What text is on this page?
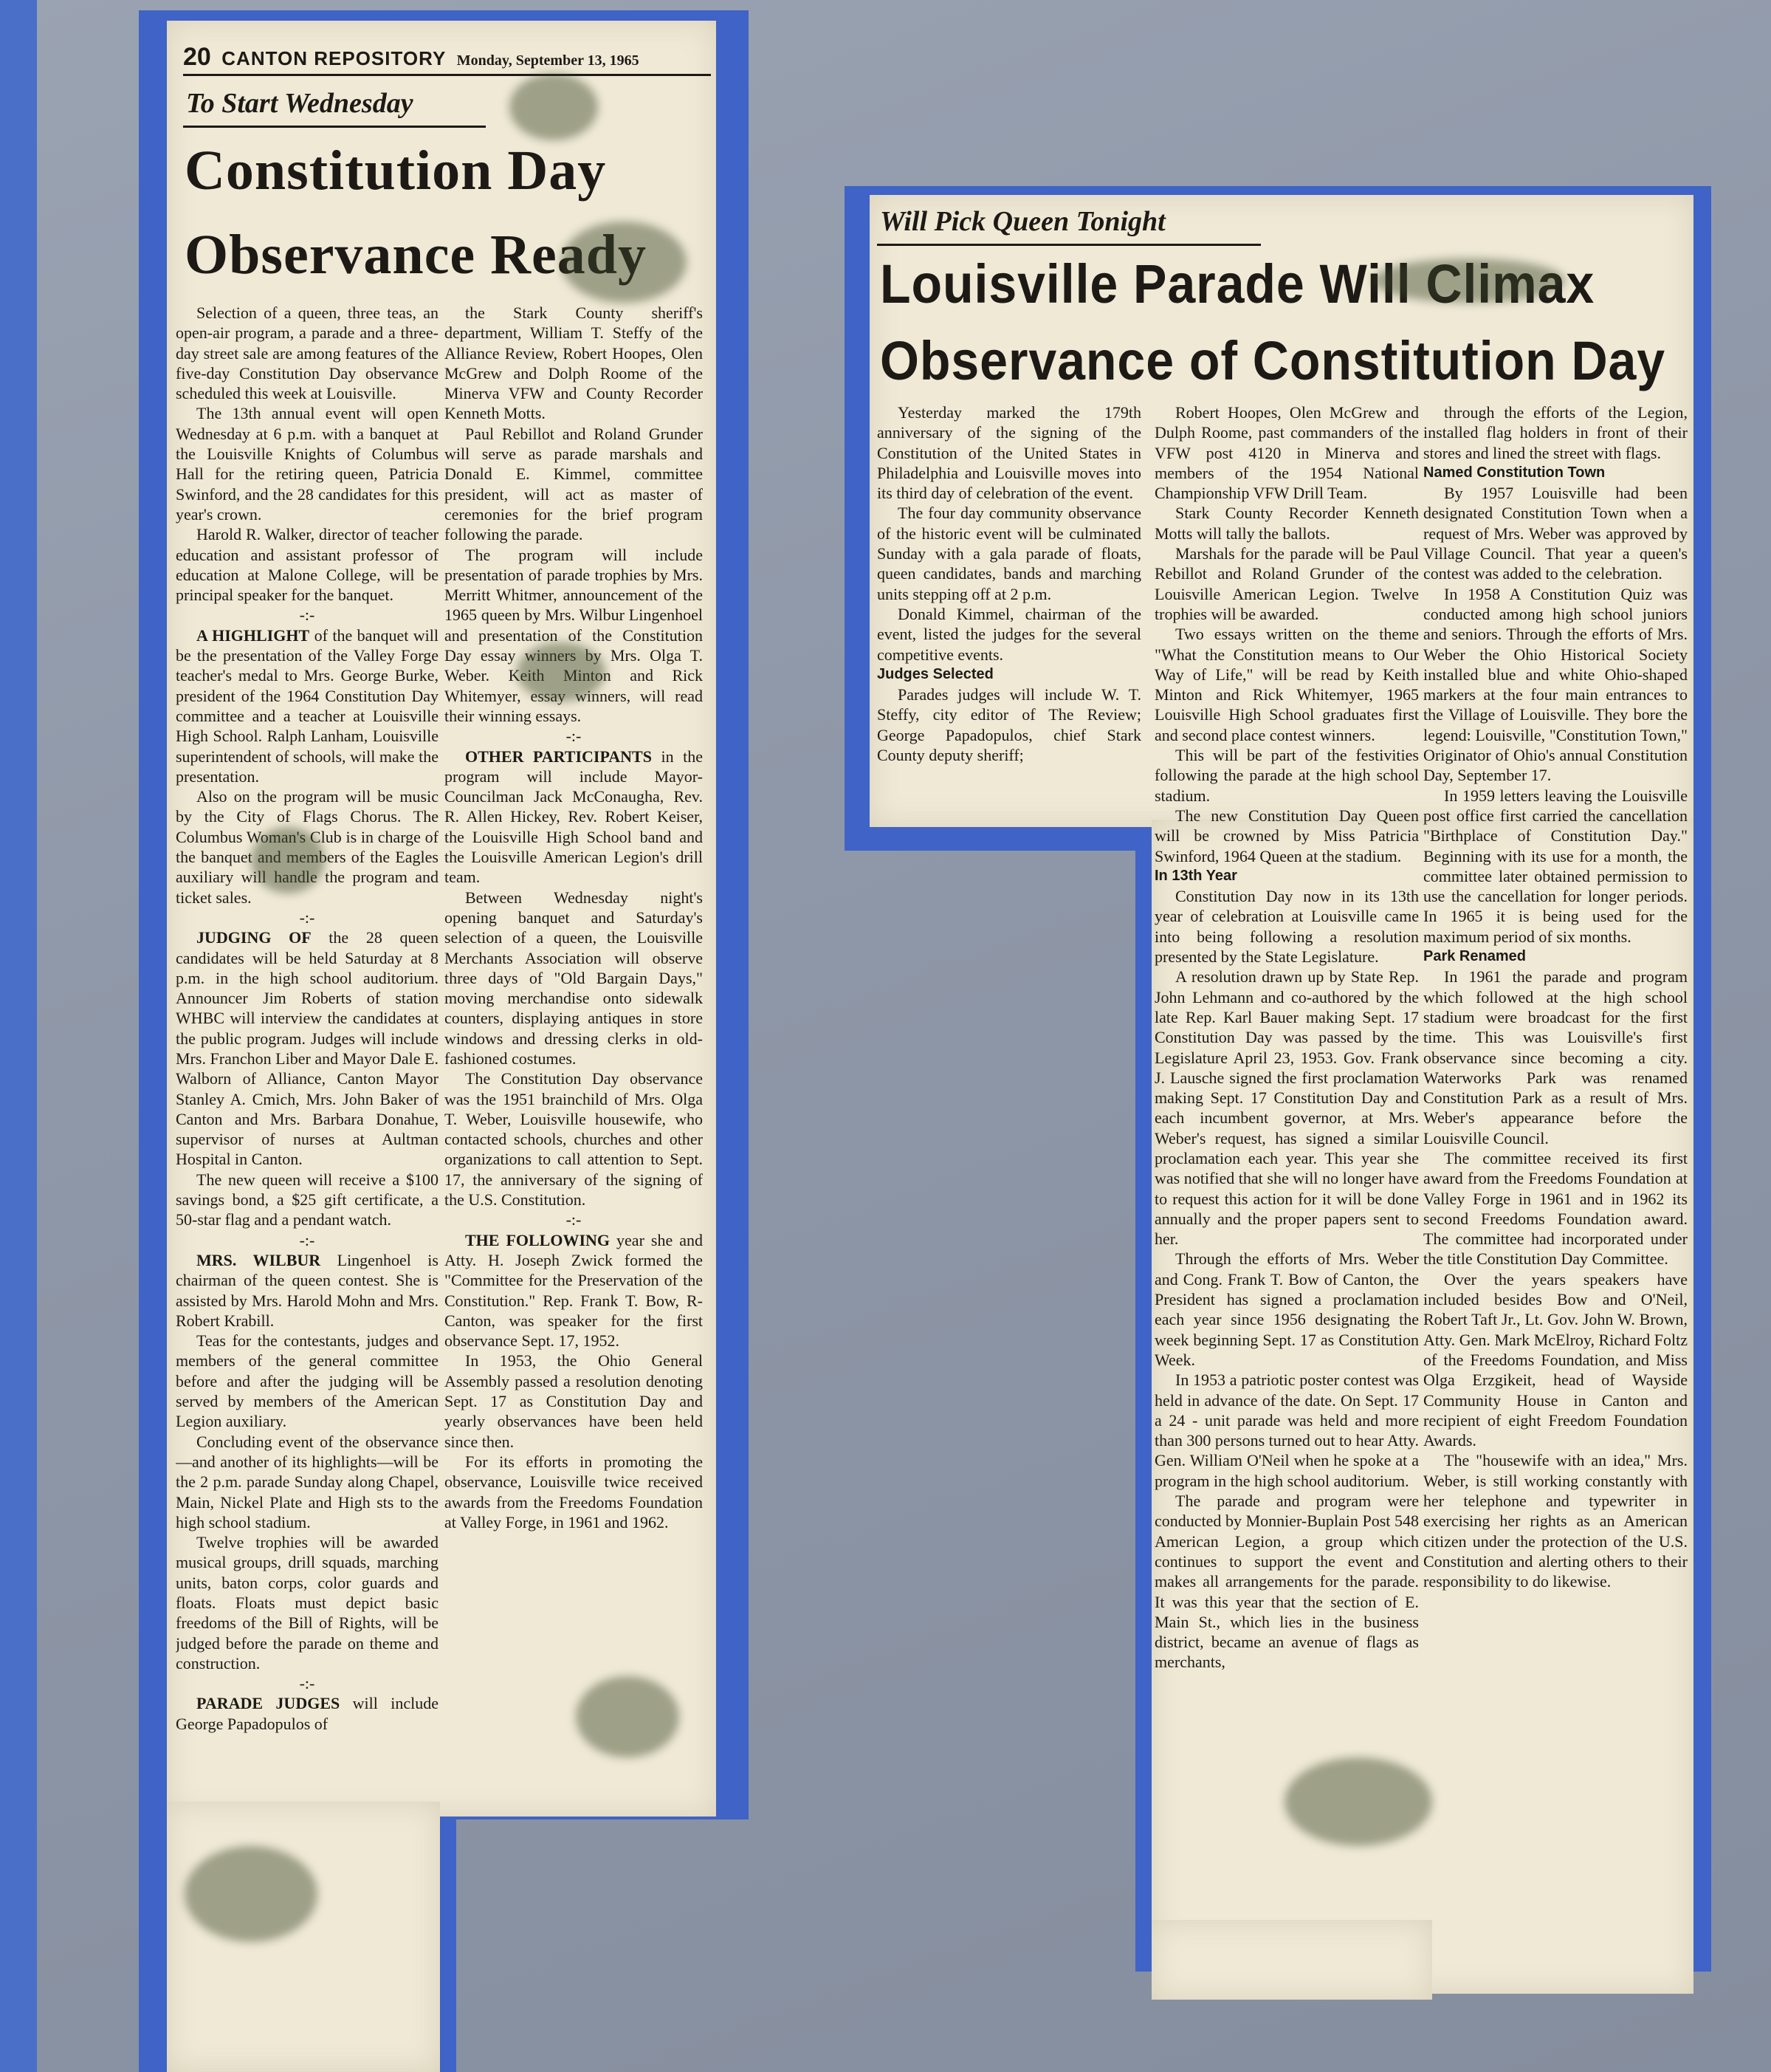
20 CANTON REPOSITORY Monday, September 13, 1965
To Start Wednesday
Constitution Day
Observance Ready

Selection of a queen, three teas, an open-air program, a parade and a three-day street sale are among features of the five-day Constitution Day observance scheduled this week at Louisville.

The 13th annual event will open Wednesday at 6 p.m. with a banquet at the Louisville Knights of Columbus Hall for the retiring queen, Patricia Swinford, and the 28 candidates for this year's crown.

Harold R. Walker, director of teacher education and assistant professor of education at Malone College, will be principal speaker for the banquet.

-:-

A HIGHLIGHT of the banquet will be the presentation of the Valley Forge teacher's medal to Mrs. George Burke, president of the 1964 Constitution Day committee and a teacher at Louisville High School. Ralph Lanham, Louisville superintendent of schools, will make the presentation.

Also on the program will be music by the City of Flags Chorus. The Columbus Woman's Club is in charge of the banquet and members of the Eagles auxiliary will handle the program and ticket sales.

-:-

JUDGING OF the 28 queen candidates will be held Saturday at 8 p.m. in the high school auditorium. Announcer Jim Roberts of station WHBC will interview the candidates at the public program. Judges will include Mrs. Franchon Liber and Mayor Dale E. Walborn of Alliance, Canton Mayor Stanley A. Cmich, Mrs. John Baker of Canton and Mrs. Barbara Donahue, supervisor of nurses at Aultman Hospital in Canton.

The new queen will receive a $100 savings bond, a $25 gift certificate, a 50-star flag and a pendant watch.

-:-

MRS. WILBUR Lingenhoel is chairman of the queen contest. She is assisted by Mrs. Harold Mohn and Mrs. Robert Krabill.

Teas for the contestants, judges and members of the general committee before and after the judging will be served by members of the American Legion auxiliary.

Concluding event of the observance—and another of its highlights—will be the 2 p.m. parade Sunday along Chapel, Main, Nickel Plate and High sts to the high school stadium.

Twelve trophies will be awarded musical groups, drill squads, marching units, baton corps, color guards and floats. Floats must depict basic freedoms of the Bill of Rights, will be judged before the parade on theme and construction.

-:-

PARADE JUDGES will include George Papadopulos of

the Stark County sheriff's department, William T. Steffy of the Alliance Review, Robert Hoopes, Olen McGrew and Dolph Roome of the Minerva VFW and County Recorder Kenneth Motts.

Paul Rebillot and Roland Grunder will serve as parade marshals and Donald E. Kimmel, committee president, will act as master of ceremonies for the brief program following the parade.

The program will include presentation of parade trophies by Mrs. Merritt Whitmer, announcement of the 1965 queen by Mrs. Wilbur Lingenhoel and presentation of the Constitution Day essay winners by Mrs. Olga T. Weber. Keith Minton and Rick Whitemyer, essay winners, will read their winning essays.

-:-

OTHER PARTICIPANTS in the program will include Mayor-Councilman Jack McConaugha, Rev. R. Allen Hickey, Rev. Robert Keiser, the Louisville High School band and the Louisville American Legion's drill team.

Between Wednesday night's opening banquet and Saturday's selection of a queen, the Louisville Merchants Association will observe three days of "Old Bargain Days," moving merchandise onto sidewalk counters, displaying antiques in store windows and dressing clerks in old-fashioned costumes.

The Constitution Day observance was the 1951 brainchild of Mrs. Olga T. Weber, Louisville housewife, who contacted schools, churches and other organizations to call attention to Sept. 17, the anniversary of the signing of the U.S. Constitution.

-:-

THE FOLLOWING year she and Atty. H. Joseph Zwick formed the "Committee for the Preservation of the Constitution." Rep. Frank T. Bow, R-Canton, was speaker for the first observance Sept. 17, 1952.

In 1953, the Ohio General Assembly passed a resolution denoting Sept. 17 as Constitution Day and yearly observances have been held since then.

For its efforts in promoting the observance, Louisville twice received awards from the Freedoms Foundation at Valley Forge, in 1961 and 1962.

Will Pick Queen Tonight
Louisville Parade Will Climax
Observance of Constitution Day

Yesterday marked the 179th anniversary of the signing of the Constitution of the United States in Philadelphia and Louisville moves into its third day of celebration of the event.

The four day community observance of the historic event will be culminated Sunday with a gala parade of floats, queen candidates, bands and marching units stepping off at 2 p.m.

Donald Kimmel, chairman of the event, listed the judges for the several competitive events.

Judges Selected

Parades judges will include W. T. Steffy, city editor of The Review; George Papadopulos, chief Stark County deputy sheriff;

Robert Hoopes, Olen McGrew and Dulph Roome, past commanders of the VFW post 4120 in Minerva and members of the 1954 National Championship VFW Drill Team.

Stark County Recorder Kenneth Motts will tally the ballots.

Marshals for the parade will be Paul Rebillot and Roland Grunder of the Louisville American Legion. Twelve trophies will be awarded.

Two essays written on the theme "What the Constitution means to Our Way of Life," will be read by Keith Minton and Rick Whitemyer, 1965 Louisville High School graduates first and second place contest winners.

This will be part of the festivities following the parade at the high school stadium.

The new Constitution Day Queen will be crowned by Miss Patricia Swinford, 1964 Queen at the stadium.

In 13th Year

Constitution Day now in its 13th year of celebration at Louisville came into being following a resolution presented by the State Legislature.

A resolution drawn up by State Rep. John Lehmann and co-authored by the late Rep. Karl Bauer making Sept. 17 Constitution Day was passed by the Legislature April 23, 1953. Gov. Frank J. Lausche signed the first proclamation making Sept. 17 Constitution Day and each incumbent governor, at Mrs. Weber's request, has signed a similar proclamation each year. This year she was notified that she will no longer have to request this action for it will be done annually and the proper papers sent to her.

Through the efforts of Mrs. Weber and Cong. Frank T. Bow of Canton, the President has signed a proclamation each year since 1956 designating the week beginning Sept. 17 as Constitution Week.

In 1953 a patriotic poster contest was held in advance of the date. On Sept. 17 a 24 - unit parade was held and more than 300 persons turned out to hear Atty. Gen. William O'Neil when he spoke at a program in the high school auditorium.

The parade and program were conducted by Monnier-Buplain Post 548 American Legion, a group which continues to support the event and makes all arrangements for the parade. It was this year that the section of E. Main St., which lies in the business district, became an avenue of flags as merchants,

through the efforts of the Legion, installed flag holders in front of their stores and lined the street with flags.

Named Constitution Town

By 1957 Louisville had been designated Constitution Town when a request of Mrs. Weber was approved by Village Council. That year a queen's contest was added to the celebration.

In 1958 A Constitution Quiz was conducted among high school juniors and seniors. Through the efforts of Mrs. Weber the Ohio Historical Society installed blue and white Ohio-shaped markers at the four main entrances to the Village of Louisville. They bore the legend: Louisville, "Constitution Town," Originator of Ohio's annual Constitution Day, September 17.

In 1959 letters leaving the Louisville post office first carried the cancellation "Birthplace of Constitution Day." Beginning with its use for a month, the committee later obtained permission to use the cancellation for longer periods. In 1965 it is being used for the maximum period of six months.

Park Renamed

In 1961 the parade and program which followed at the high school stadium were broadcast for the first time. This was Louisville's first observance since becoming a city. Waterworks Park was renamed Constitution Park as a result of Mrs. Weber's appearance before the Louisville Council.

The committee received its first award from the Freedoms Foundation at Valley Forge in 1961 and in 1962 its second Freedoms Foundation award. The committee had incorporated under the title Constitution Day Committee.

Over the years speakers have included besides Bow and O'Neil, Robert Taft Jr., Lt. Gov. John W. Brown, Atty. Gen. Mark McElroy, Richard Foltz of the Freedoms Foundation, and Miss Olga Erzgikeit, head of Wayside Community House in Canton and recipient of eight Freedom Foundation Awards.

The "housewife with an idea," Mrs. Weber, is still working constantly with her telephone and typewriter in exercising her rights as an American citizen under the protection of the U.S. Constitution and alerting others to their responsibility to do likewise.
